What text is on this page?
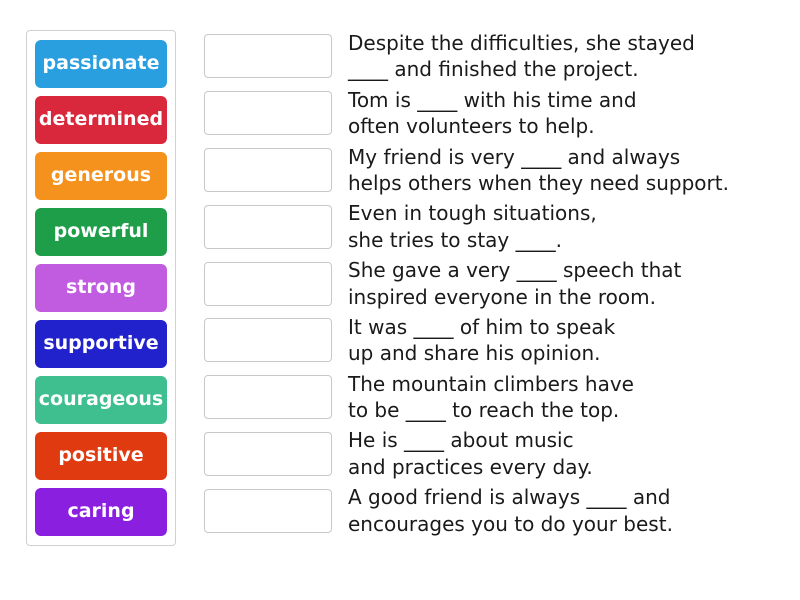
passionate
determined
generous
powerful
strong
supportive
courageous
positive
caring
Despite the difficulties, she stayed
____ and finished the project.
Tom is ____ with his time and
often volunteers to help.
My friend is very ____ and always
helps others when they need support.
Even in tough situations,
she tries to stay ____.
She gave a very ____ speech that
inspired everyone in the room.
It was ____ of him to speak
up and share his opinion.
The mountain climbers have
to be ____ to reach the top.
He is ____ about music
and practices every day.
A good friend is always ____ and
encourages you to do your best.
